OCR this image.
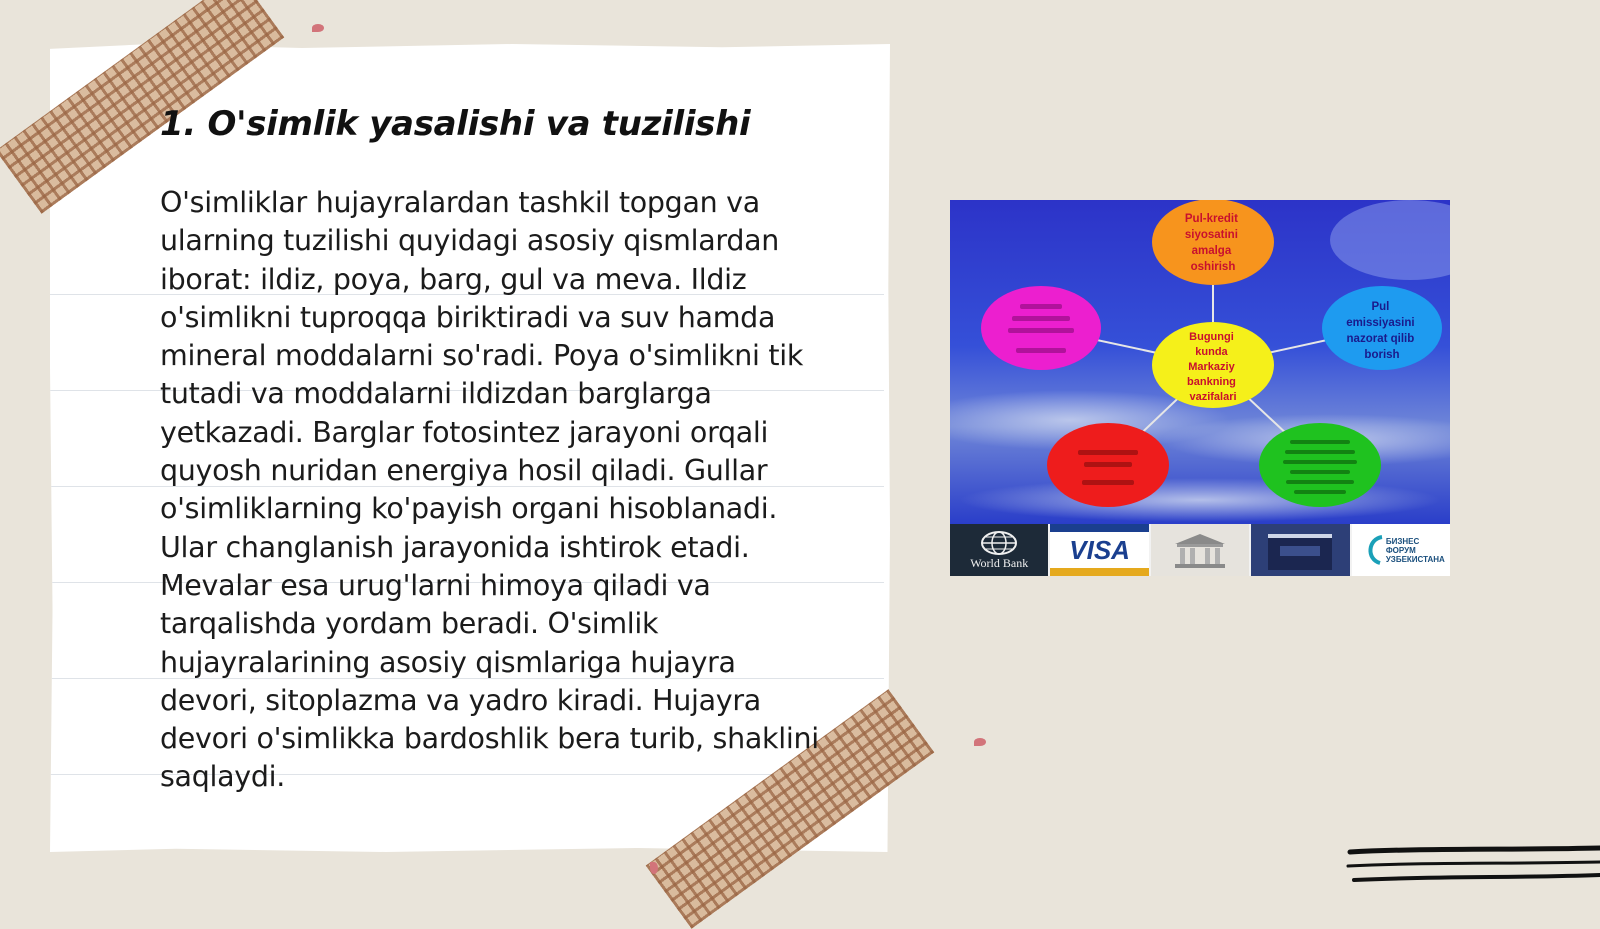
1. O'simlik yasalishi va tuzilishi

O'simliklar hujayralardan tashkil topgan va ularning tuzilishi quyidagi asosiy qismlardan iborat: ildiz, poya, barg, gul va meva. Ildiz o'simlikni tuproqqa biriktiradi va suv hamda mineral moddalarni so'radi. Poya o'simlikni tik tutadi va moddalarni ildizdan barglarga yetkazadi. Barglar fotosintez jarayoni orqali quyosh nuridan energiya hosil qiladi. Gullar o'simliklarning ko'payish organi hisoblanadi. Ular changlanish jarayonida ishtirok etadi. Mevalar esa urug'larni himoya qiladi va tarqalishda yordam beradi. O'simlik hujayralarining asosiy qismlariga hujayra devori, sitoplazma va yadro kiradi. Hujayra devori o'simlikka bardoshlik bera turib, shaklini saqlaydi.

Pul-kredit siyosatini amalga oshirish
Bugungi kunda Markaziy bankning vazifalari
Pul emissiyasini nazorat qilib borish
World Bank VISA	БИЗНЕС ФОРУМ УЗБЕКИСТАНА
